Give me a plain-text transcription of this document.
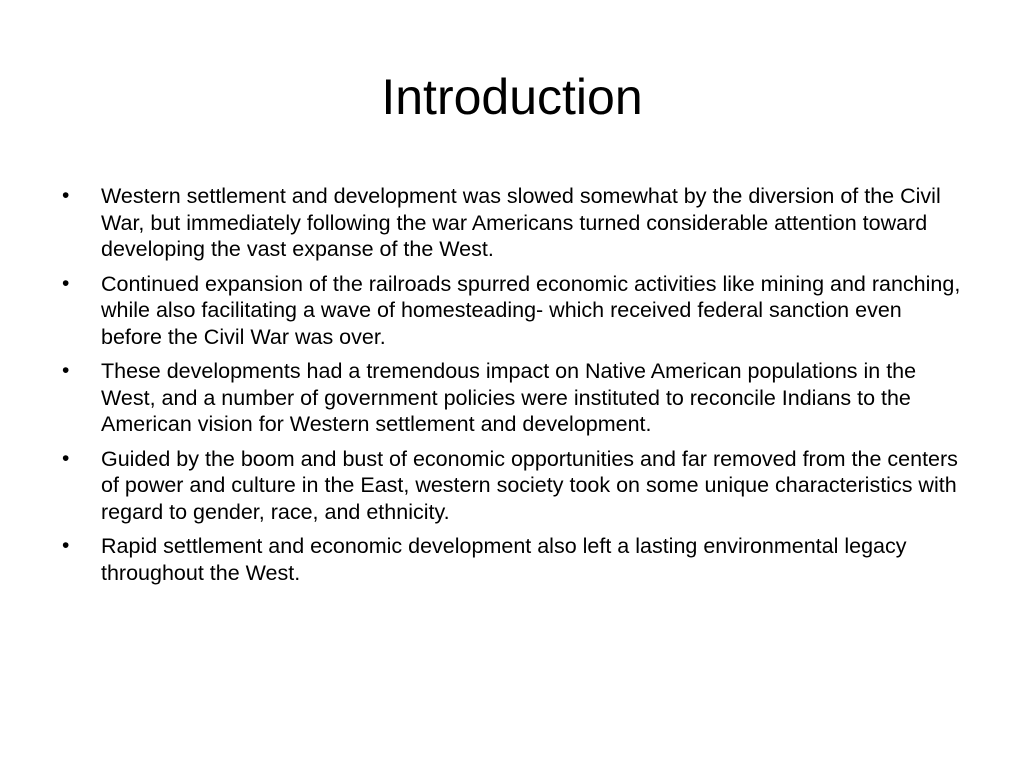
Introduction
•	Western settlement and development was slowed somewhat by the diversion of the Civil War, but immediately following the war Americans turned considerable attention toward developing the vast expanse of the West.
•	Continued expansion of the railroads spurred economic activities like mining and ranching, while also facilitating a wave of homesteading- which received federal sanction even before the Civil War was over.
•	These developments had a tremendous impact on Native American populations in the West, and a number of government policies were instituted to reconcile Indians to the American vision for Western settlement and development.
•	Guided by the boom and bust of economic opportunities and far removed from the centers of power and culture in the East, western society took on some unique characteristics with regard to gender, race, and ethnicity.
•	Rapid settlement and economic development also left a lasting environmental legacy throughout the West.
